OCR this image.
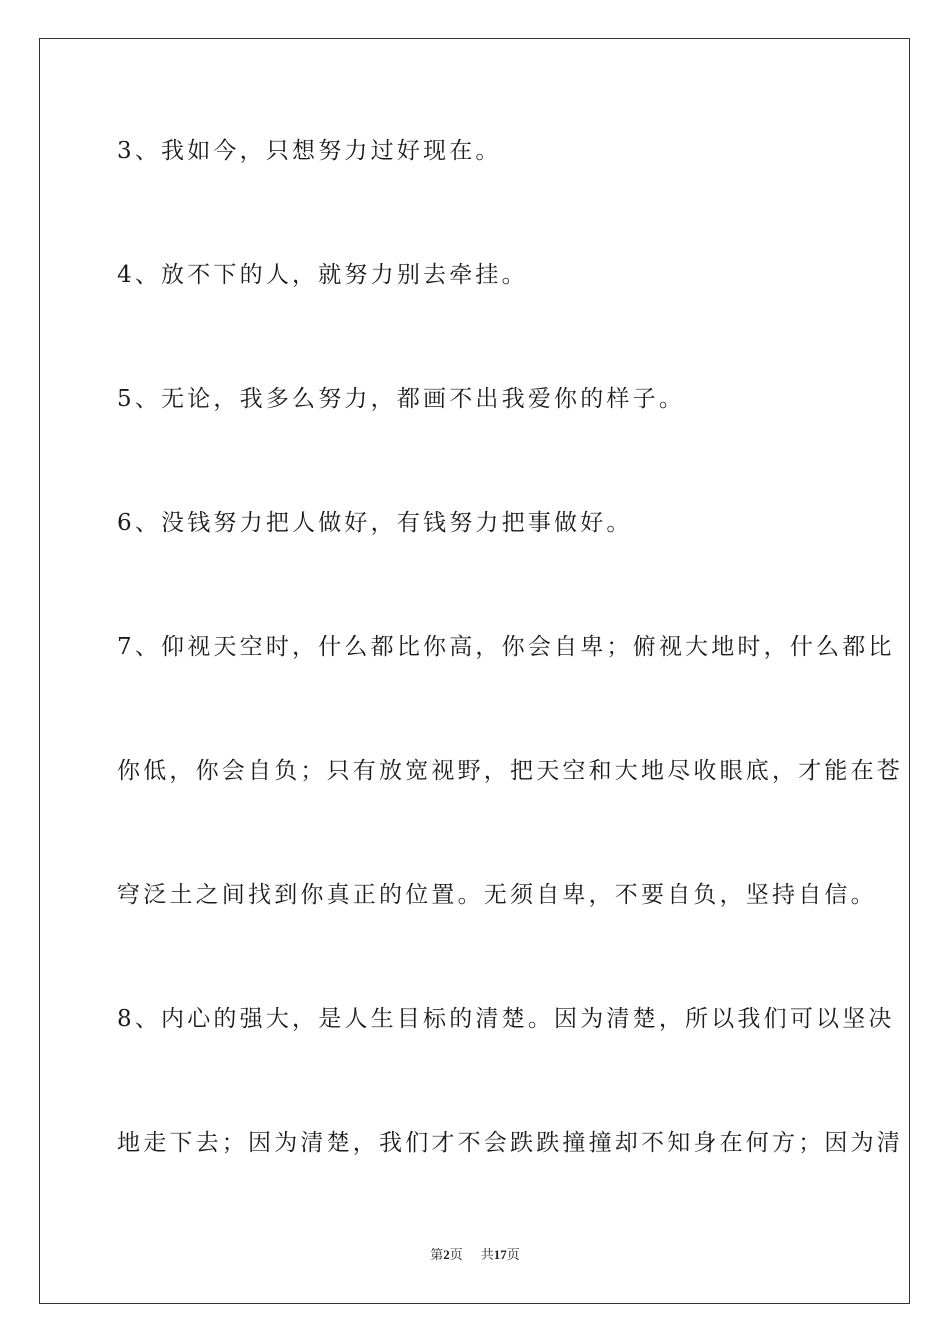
3、我如今，只想努力过好现在。
4、放不下的人，就努力别去牵挂。
5、无论，我多么努力，都画不出我爱你的样子。
6、没钱努力把人做好，有钱努力把事做好。
7、仰视天空时，什么都比你高，你会自卑；俯视大地时，什么都比
你低，你会自负；只有放宽视野，把天空和大地尽收眼底，才能在苍
穹泛土之间找到你真正的位置。无须自卑，不要自负，坚持自信。
8、内心的强大，是人生目标的清楚。因为清楚，所以我们可以坚决
地走下去；因为清楚，我们才不会跌跌撞撞却不知身在何方；因为清
第2页 共17页
